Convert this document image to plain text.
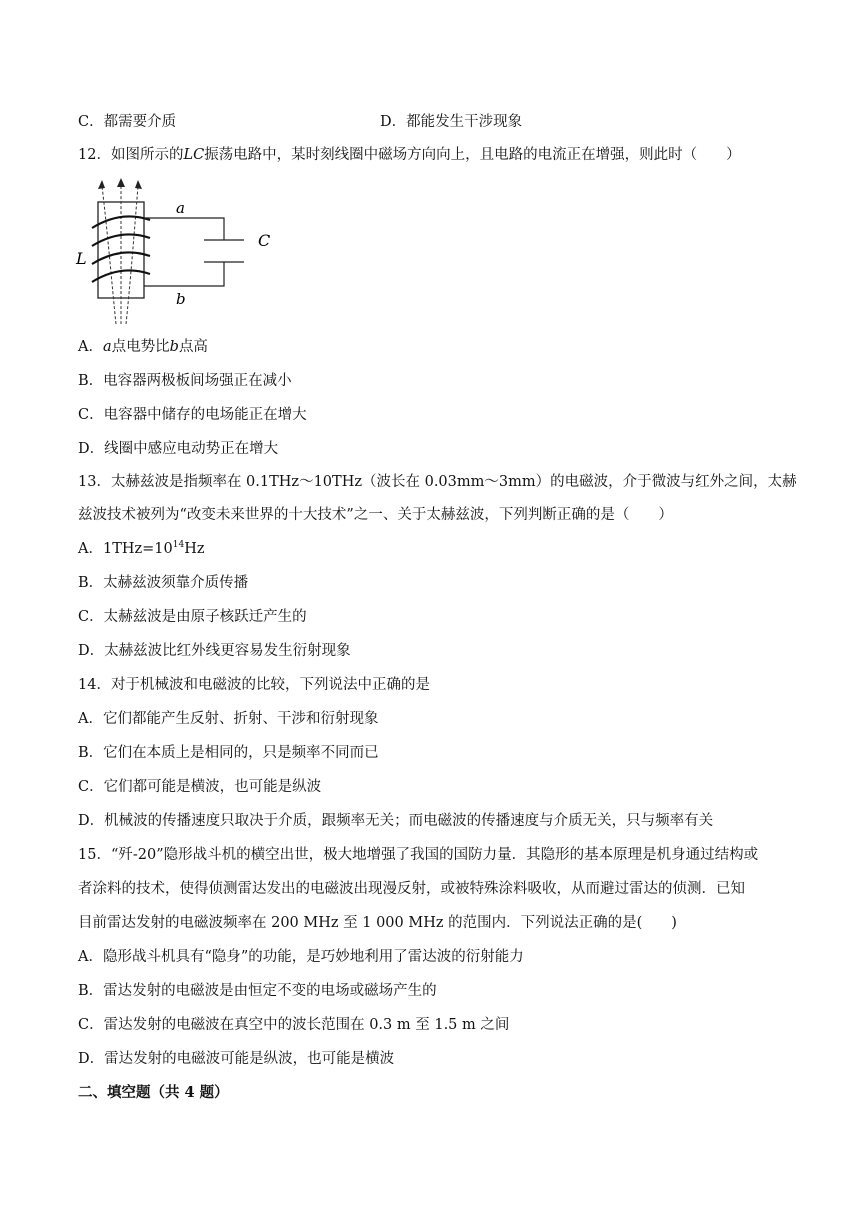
C．都需要介质	D．都能发生干涉现象
12．如图所示的LC振荡电路中，某时刻线圈中磁场方向向上，且电路的电流正在增强，则此时（　　）
a
b
C
L
A．a点电势比b点高
B．电容器两极板间场强正在减小
C．电容器中储存的电场能正在增大
D．线圈中感应电动势正在增大
13．太赫兹波是指频率在 0.1THz～10THz（波长在 0.03mm～3mm）的电磁波，介于微波与红外之间，太赫
兹波技术被列为“改变未来世界的十大技术”之一、关于太赫兹波，下列判断正确的是（　　）
A．$1THz=10^{14}Hz$
B．太赫兹波须靠介质传播
C．太赫兹波是由原子核跃迁产生的
D．太赫兹波比红外线更容易发生衍射现象
14．对于机械波和电磁波的比较，下列说法中正确的是
A．它们都能产生反射、折射、干涉和衍射现象
B．它们在本质上是相同的，只是频率不同而已
C．它们都可能是横波，也可能是纵波
D．机械波的传播速度只取决于介质，跟频率无关；而电磁波的传播速度与介质无关，只与频率有关
15．“歼-20”隐形战斗机的横空出世，极大地增强了我国的国防力量．其隐形的基本原理是机身通过结构或
者涂料的技术，使得侦测雷达发出的电磁波出现漫反射，或被特殊涂料吸收，从而避过雷达的侦测．已知
目前雷达发射的电磁波频率在 200 MHz 至 1 000 MHz 的范围内．下列说法正确的是(　　)
A．隐形战斗机具有“隐身”的功能，是巧妙地利用了雷达波的衍射能力
B．雷达发射的电磁波是由恒定不变的电场或磁场产生的
C．雷达发射的电磁波在真空中的波长范围在 0.3 m 至 1.5 m 之间
D．雷达发射的电磁波可能是纵波，也可能是横波
二、填空题（共 4 题）
